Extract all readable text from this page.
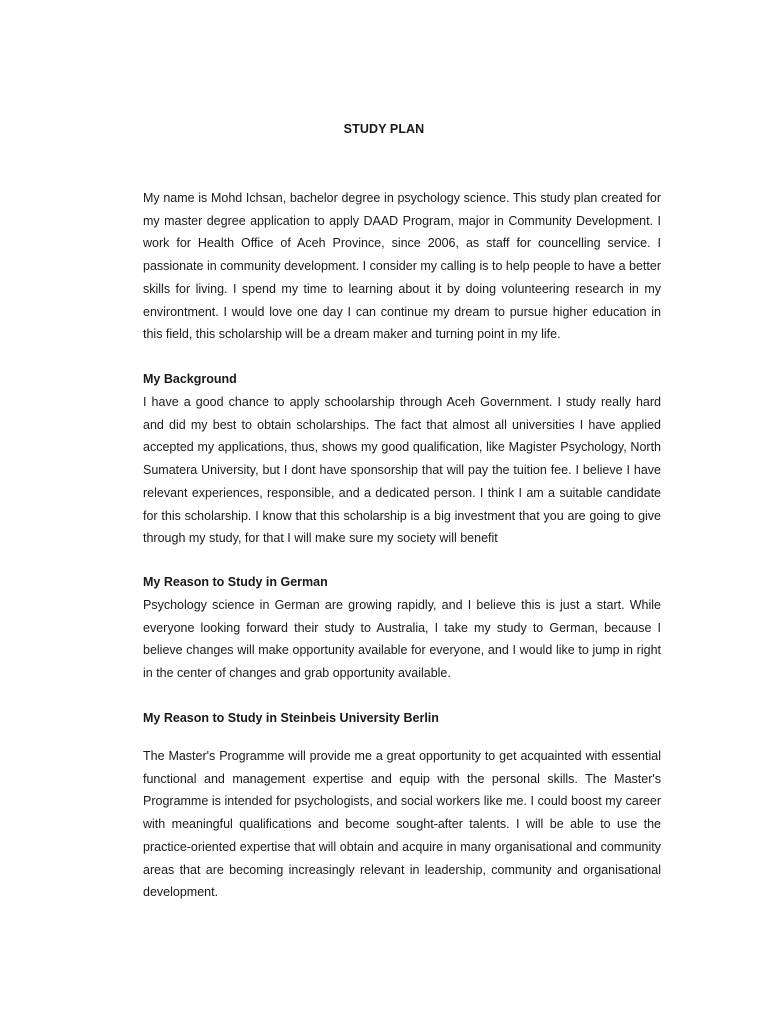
STUDY PLAN

My name is Mohd Ichsan, bachelor degree in psychology science. This study plan created for my master degree application to apply DAAD Program, major in Community Development. I work for Health Office of Aceh Province, since 2006, as staff for councelling service. I passionate in community development. I consider my calling is to help people to have a better skills for living. I spend my time to learning about it by doing volunteering research in my environtment. I would love one day I can continue my dream to pursue higher education in this field, this scholarship will be a dream maker and turning point in my life.

My Background

I have a good chance to apply schoolarship through Aceh Government. I study really hard and did my best to obtain scholarships. The fact that almost all universities I have applied accepted my applications, thus, shows my good qualification, like Magister Psychology, North Sumatera University, but I dont have sponsorship that will pay the tuition fee. I believe I have relevant experiences, responsible, and a dedicated person. I think I am a suitable candidate for this scholarship. I know that this scholarship is a big investment that you are going to give through my study, for that I will make sure my society will benefit

My Reason to Study in German

Psychology science in German are growing rapidly, and I believe this is just a start. While everyone looking forward their study to Australia, I take my study to German, because I believe changes will make opportunity available for everyone, and I would like to jump in right in the center of changes and grab opportunity available.

My Reason to Study in Steinbeis University Berlin

The Master's Programme will provide me a great opportunity to get acquainted with essential functional and management expertise and equip with the personal skills. The Master's Programme is intended for psychologists, and social workers like me. I could boost my career with meaningful qualifications and become sought-after talents. I will be able to use the practice-oriented expertise that will obtain and acquire in many organisational and community areas that are becoming increasingly relevant in leadership, community and organisational development.
